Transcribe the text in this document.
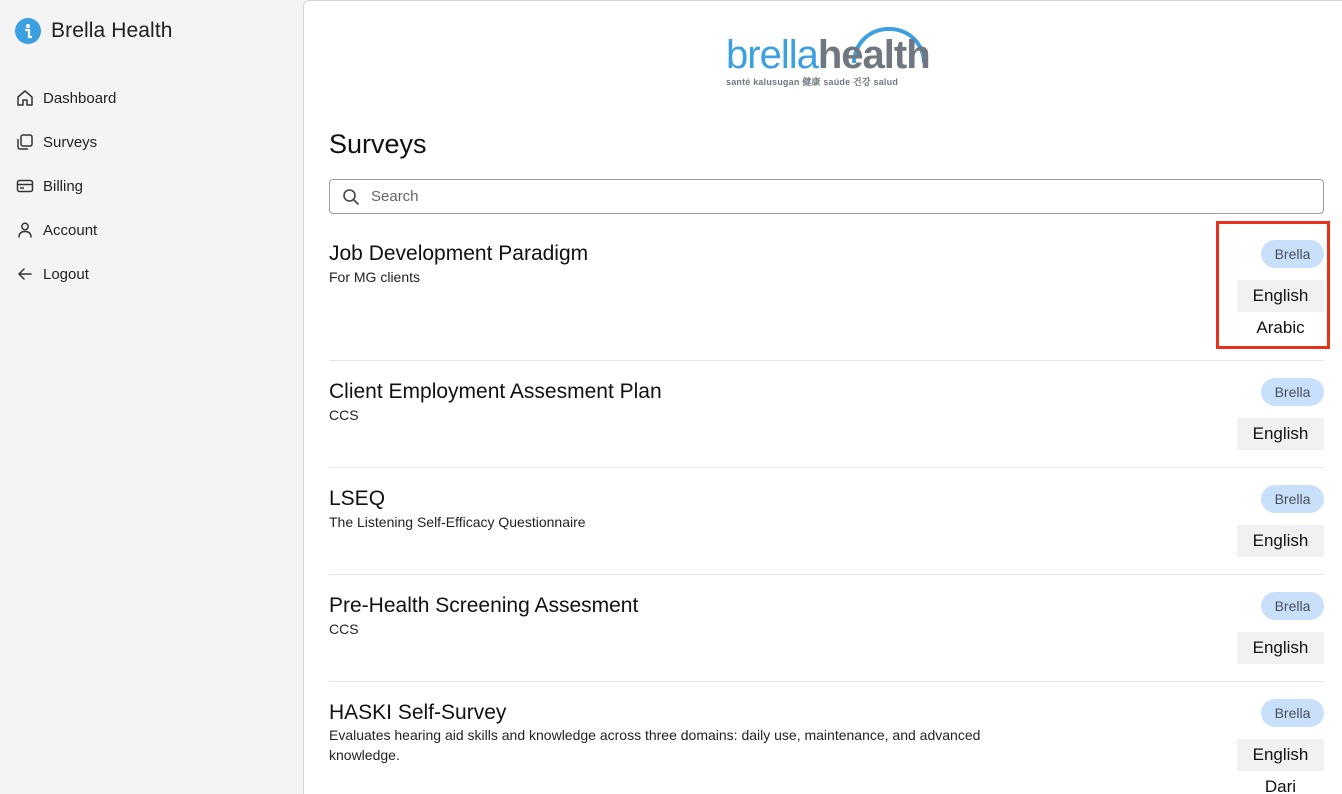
Brella Health
Dashboard
Surveys
Billing
Account
Logout
brellahealth
santé kalusugan 健康 saúde 건강 salud
Surveys
Search
Job Development Paradigm
For MG clients
Brella
English
Arabic
Client Employment Assesment Plan
CCS
Brella
English
LSEQ
The Listening Self-Efficacy Questionnaire
Brella
English
Pre-Health Screening Assesment
CCS
Brella
English
HASKI Self-Survey
Evaluates hearing aid skills and knowledge across three domains: daily use, maintenance, and advanced knowledge.
Brella
English
Dari
